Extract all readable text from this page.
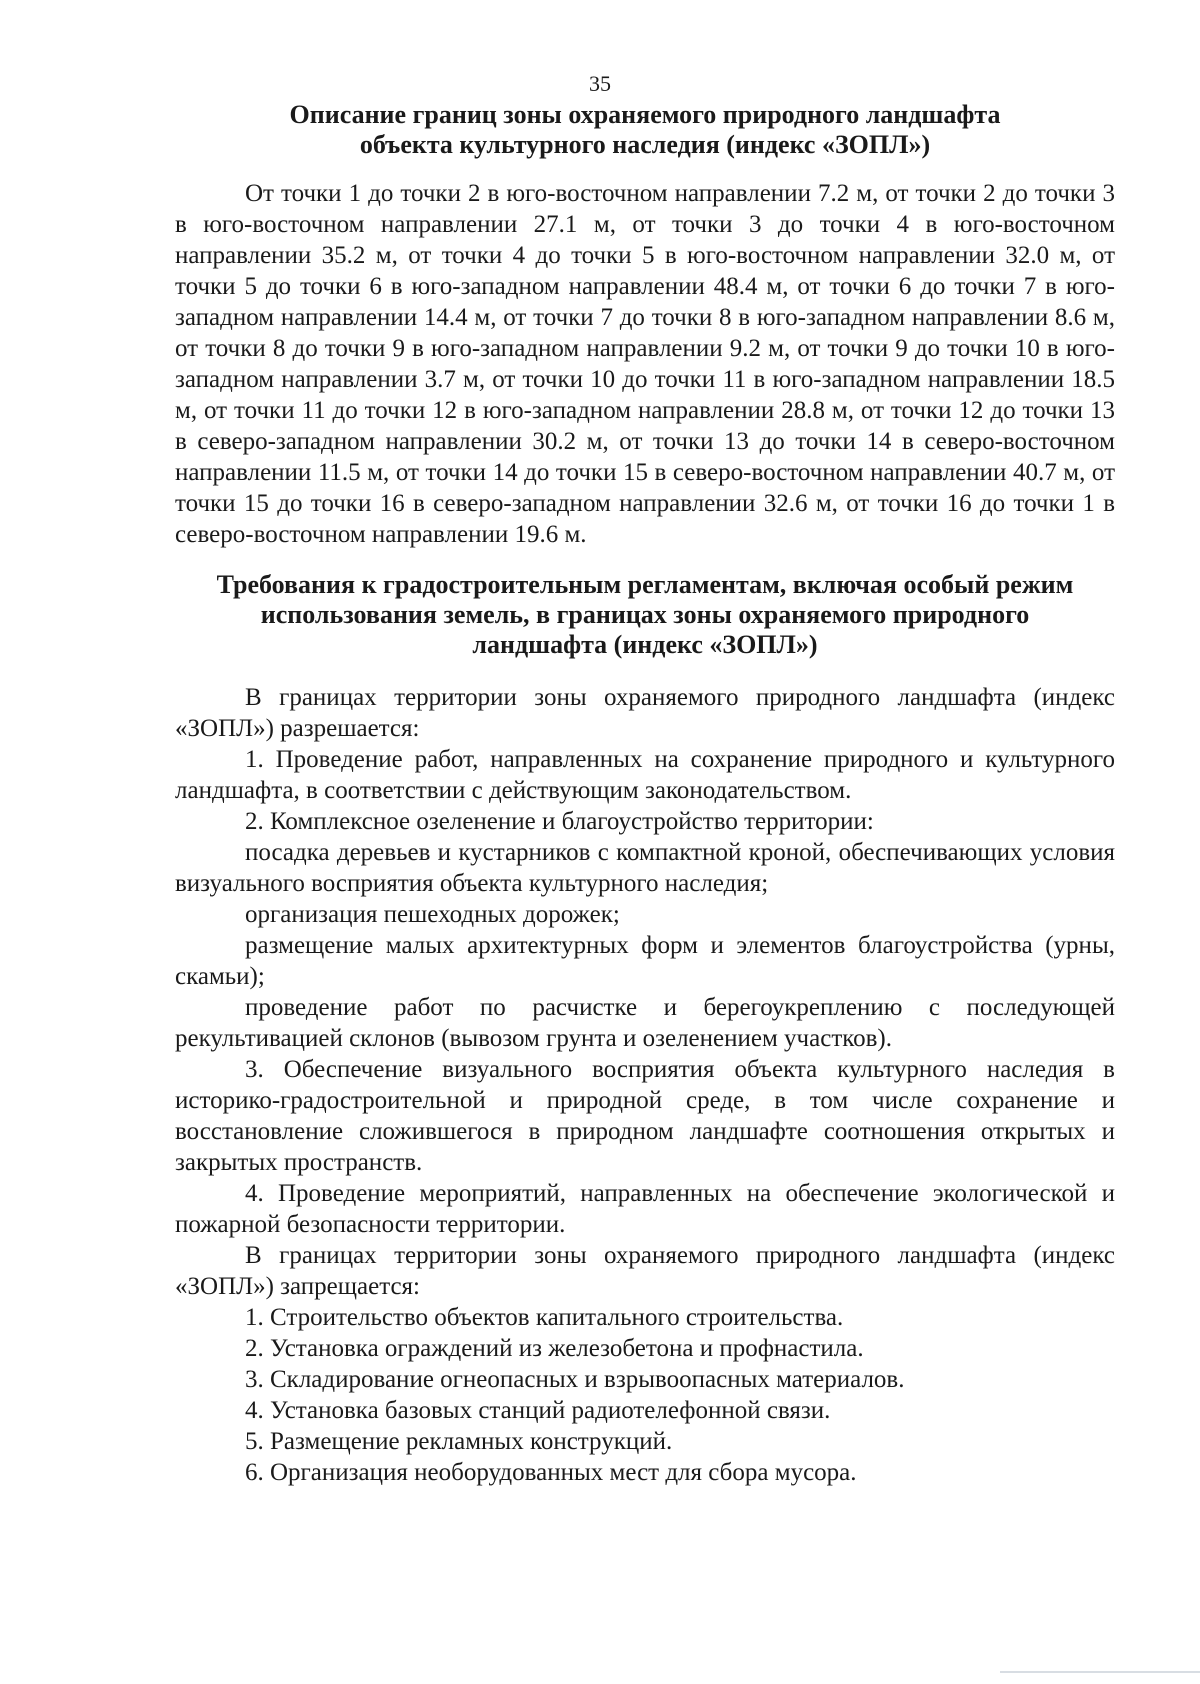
35
Описание границ зоны охраняемого природного ландшафта
объекта культурного наследия (индекс «ЗОПЛ»)

От точки 1 до точки 2 в юго-восточном направлении 7.2 м, от точки 2 до точки 3 в юго-восточном направлении 27.1 м, от точки 3 до точки 4 в юго-восточном направлении 35.2 м, от точки 4 до точки 5 в юго-восточном направлении 32.0 м, от точки 5 до точки 6 в юго-западном направлении 48.4 м, от точки 6 до точки 7 в юго-западном направлении 14.4 м, от точки 7 до точки 8 в юго-западном направлении 8.6 м, от точки 8 до точки 9 в юго-западном направлении 9.2 м, от точки 9 до точки 10 в юго-западном направлении 3.7 м, от точки 10 до точки 11 в юго-западном направлении 18.5 м, от точки 11 до точки 12 в юго-западном направлении 28.8 м, от точки 12 до точки 13 в северо-западном направлении 30.2 м, от точки 13 до точки 14 в северо-восточном направлении 11.5 м, от точки 14 до точки 15 в северо-восточном направлении 40.7 м, от точки 15 до точки 16 в северо-западном направлении 32.6 м, от точки 16 до точки 1 в северо-восточном направлении 19.6 м.

Требования к градостроительным регламентам, включая особый режим
использования земель, в границах зоны охраняемого природного
ландшафта (индекс «ЗОПЛ»)

В границах территории зоны охраняемого природного ландшафта (индекс «ЗОПЛ») разрешается:

1. Проведение работ, направленных на сохранение природного и культурного ландшафта, в соответствии с действующим законодательством.

2. Комплексное озеленение и благоустройство территории:

посадка деревьев и кустарников с компактной кроной, обеспечивающих условия визуального восприятия объекта культурного наследия;

организация пешеходных дорожек;

размещение малых архитектурных форм и элементов благоустройства (урны, скамьи);

проведение работ по расчистке и берегоукреплению с последующей рекультивацией склонов (вывозом грунта и озеленением участков).

3. Обеспечение визуального восприятия объекта культурного наследия в историко-градостроительной и природной среде, в том числе сохранение и восстановление сложившегося в природном ландшафте соотношения открытых и закрытых пространств.

4. Проведение мероприятий, направленных на обеспечение экологической и пожарной безопасности территории.

В границах территории зоны охраняемого природного ландшафта (индекс «ЗОПЛ») запрещается:

1. Строительство объектов капитального строительства.

2. Установка ограждений из железобетона и профнастила.

3. Складирование огнеопасных и взрывоопасных материалов.

4. Установка базовых станций радиотелефонной связи.

5. Размещение рекламных конструкций.

6. Организация необорудованных мест для сбора мусора.
